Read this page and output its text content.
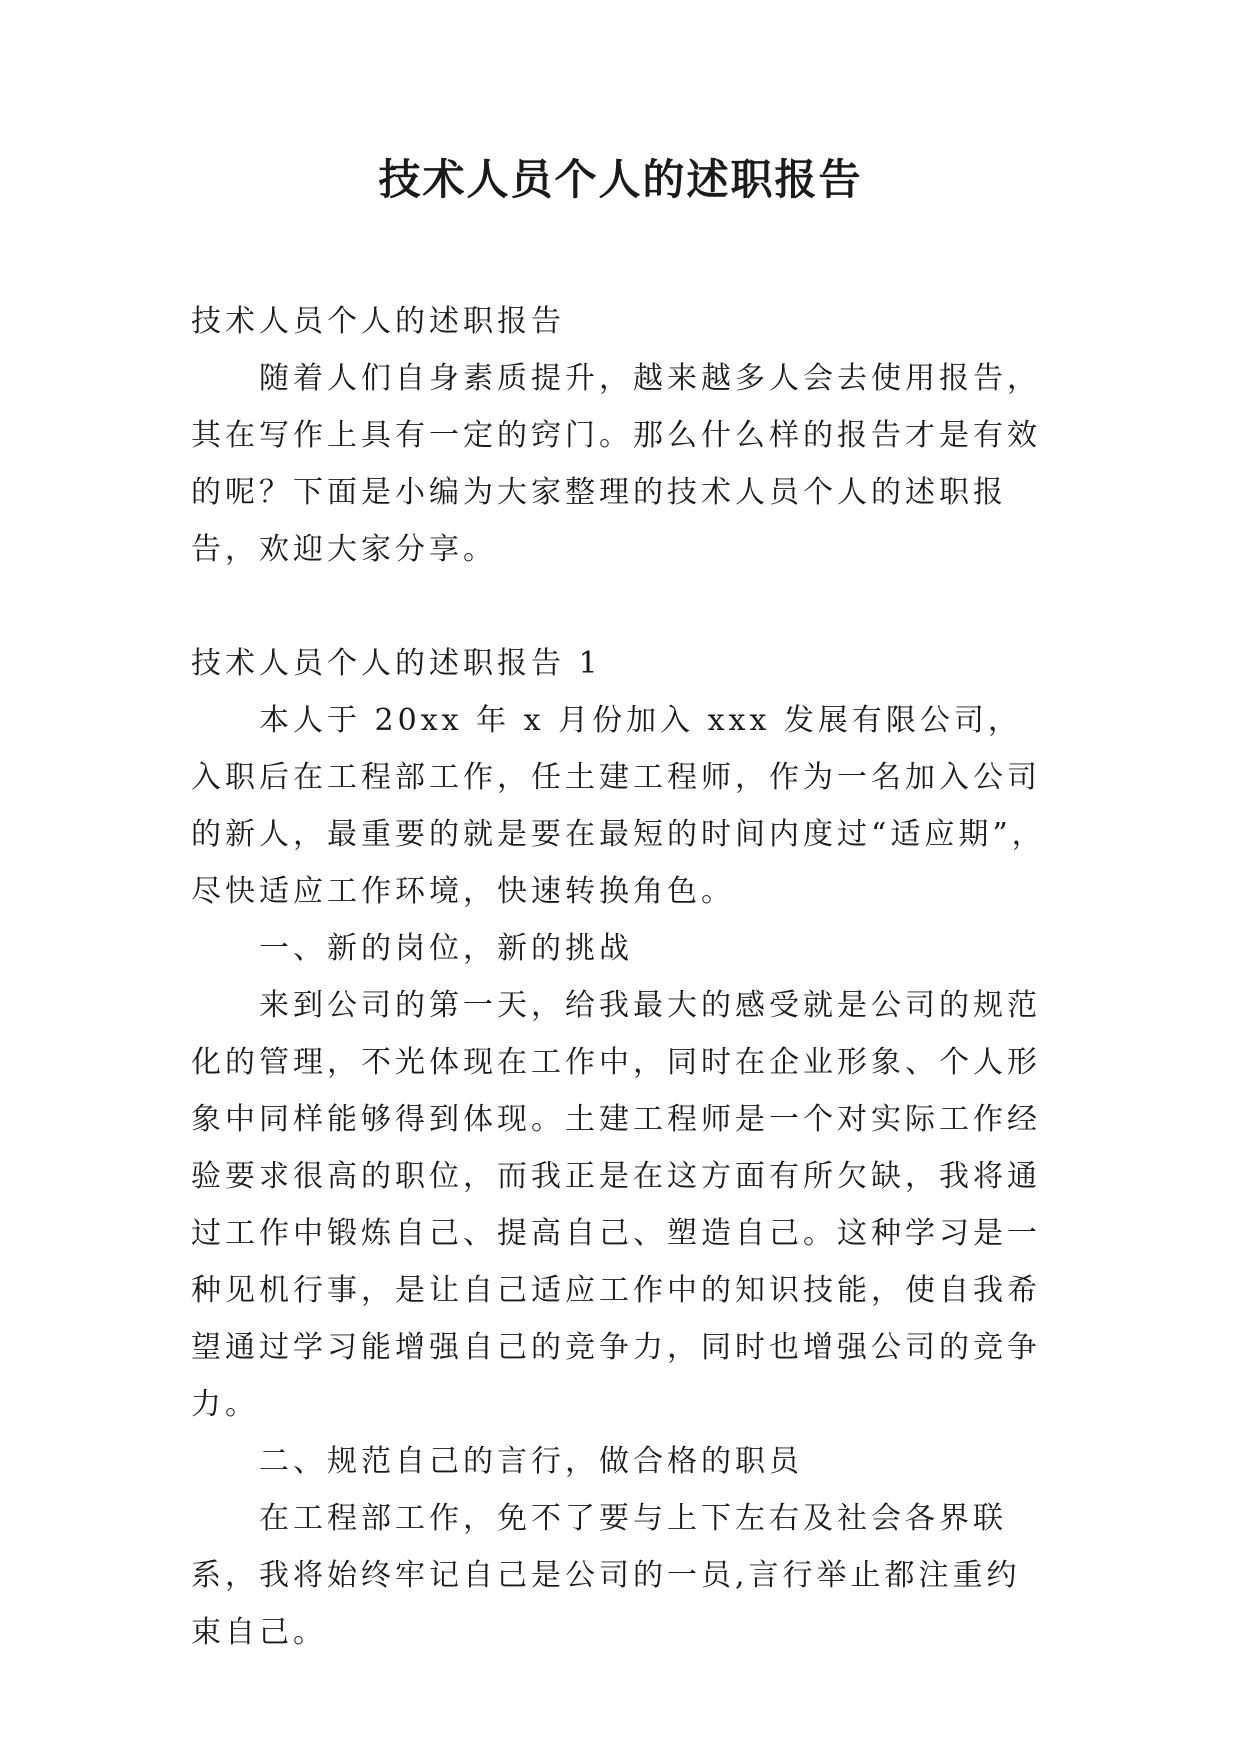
技术人员个人的述职报告

技术人员个人的述职报告

随着人们自身素质提升，越来越多人会去使用报告，其在写作上具有一定的窍门。那么什么样的报告才是有效的呢？下面是小编为大家整理的技术人员个人的述职报告，欢迎大家分享。

技术人员个人的述职报告 1

本人于 20xx 年 x 月份加入 xxx 发展有限公司，入职后在工程部工作，任土建工程师，作为一名加入公司的新人，最重要的就是要在最短的时间内度过“适应期”，尽快适应工作环境，快速转换角色。

一、新的岗位，新的挑战

来到公司的第一天，给我最大的感受就是公司的规范化的管理，不光体现在工作中，同时在企业形象、个人形象中同样能够得到体现。土建工程师是一个对实际工作经验要求很高的职位，而我正是在这方面有所欠缺，我将通过工作中锻炼自己、提高自己、塑造自己。这种学习是一种见机行事，是让自己适应工作中的知识技能，使自我希望通过学习能增强自己的竞争力，同时也增强公司的竞争力。

二、规范自己的言行，做合格的职员

在工程部工作，免不了要与上下左右及社会各界联系，我将始终牢记自己是公司的一员,言行举止都注重约束自己。
